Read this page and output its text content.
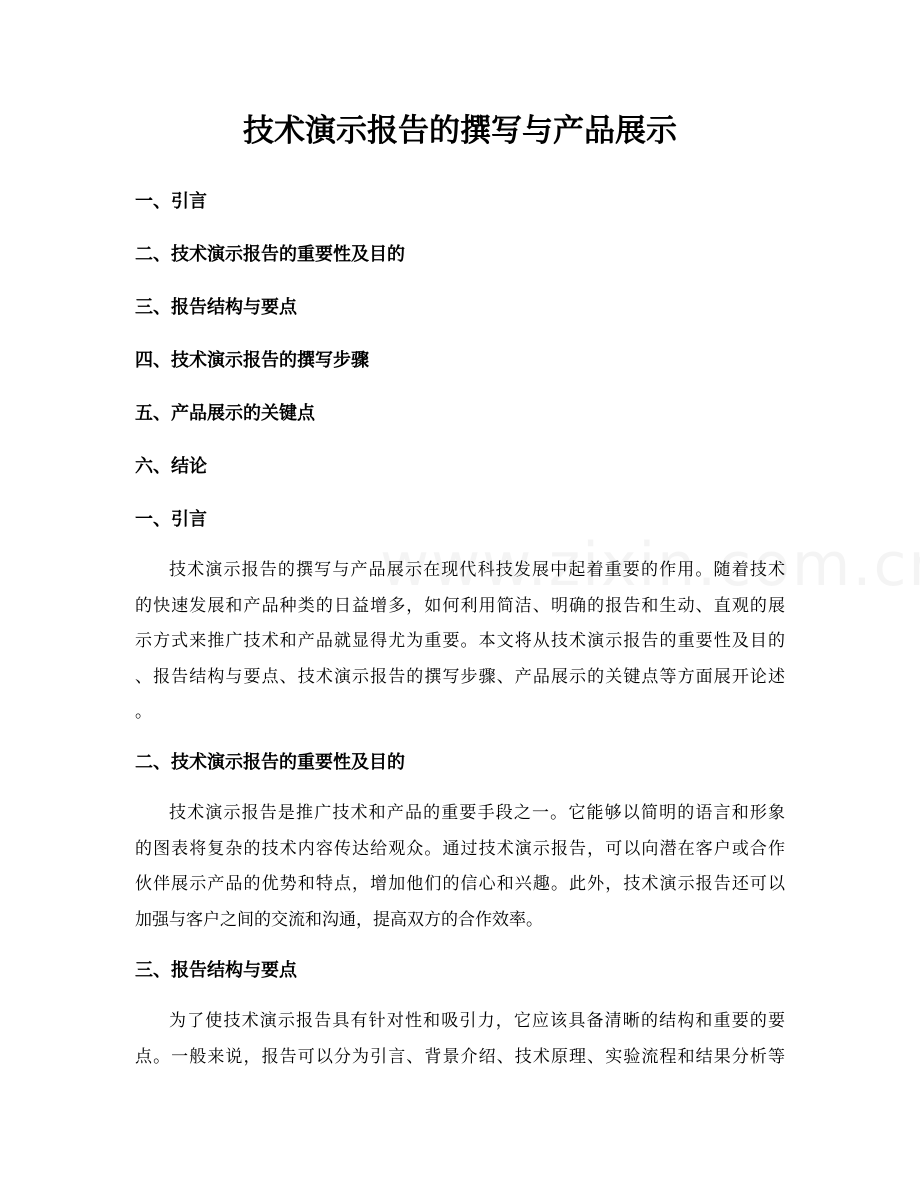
技术演示报告的撰写与产品展示
一、引言
二、技术演示报告的重要性及目的
三、报告结构与要点
四、技术演示报告的撰写步骤
五、产品展示的关键点
六、结论
一、引言
技术演示报告的撰写与产品展示在现代科技发展中起着重要的作用。随着技术
的快速发展和产品种类的日益增多，如何利用简洁、明确的报告和生动、直观的展
示方式来推广技术和产品就显得尤为重要。本文将从技术演示报告的重要性及目的
、报告结构与要点、技术演示报告的撰写步骤、产品展示的关键点等方面展开论述
。
二、技术演示报告的重要性及目的
技术演示报告是推广技术和产品的重要手段之一。它能够以简明的语言和形象
的图表将复杂的技术内容传达给观众。通过技术演示报告，可以向潜在客户或合作
伙伴展示产品的优势和特点，增加他们的信心和兴趣。此外，技术演示报告还可以
加强与客户之间的交流和沟通，提高双方的合作效率。
三、报告结构与要点
为了使技术演示报告具有针对性和吸引力，它应该具备清晰的结构和重要的要
点。一般来说，报告可以分为引言、背景介绍、技术原理、实验流程和结果分析等
